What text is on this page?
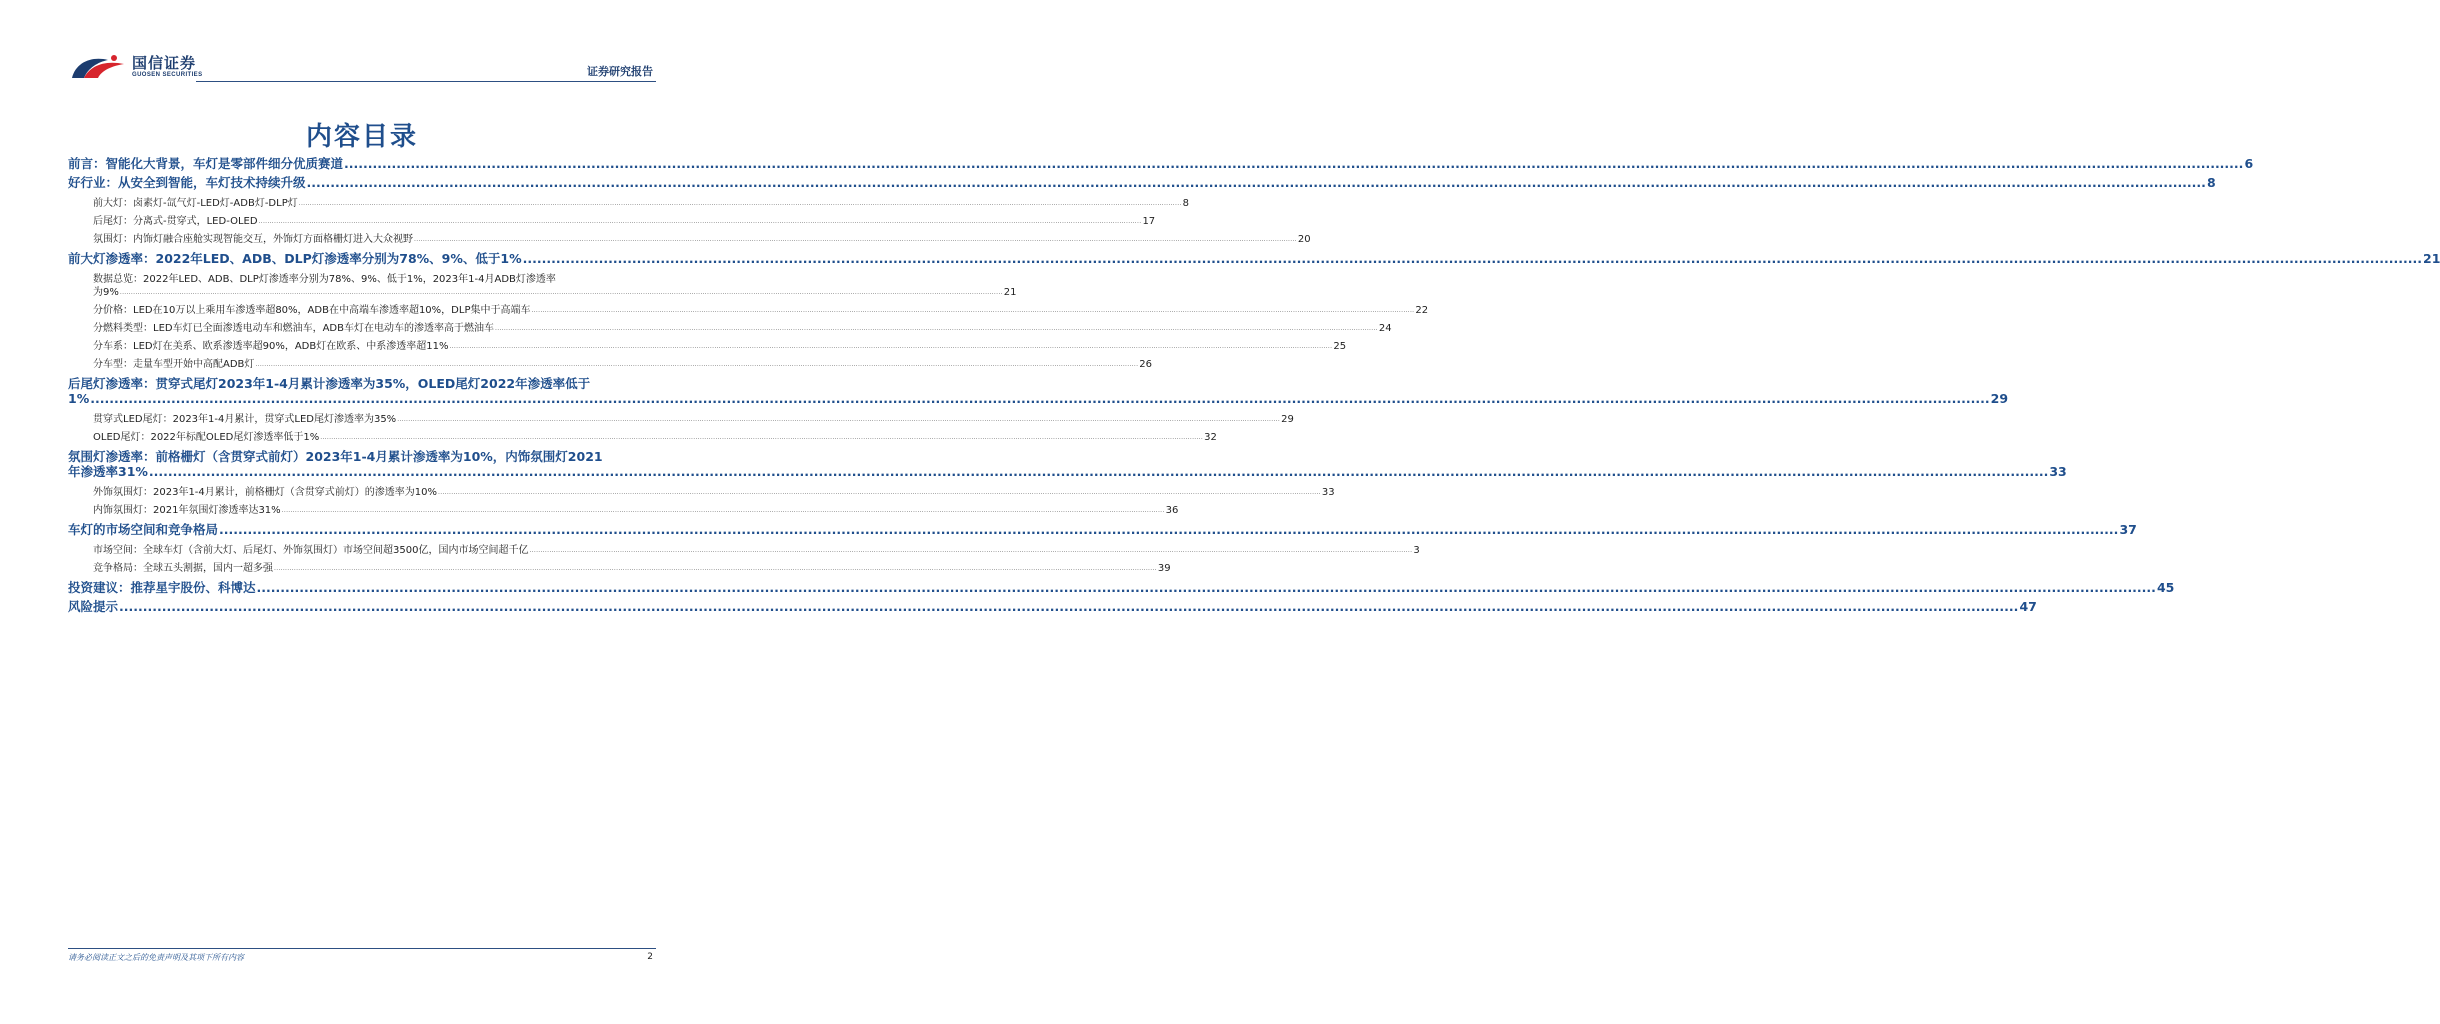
国信证券
GUOSEN SECURITIES	证券研究报告
内容目录
前言：智能化大背景，车灯是零部件细分优质赛道 ................................................................................................................................................................................................................................................................................................................................................................................................................ 6
好行业：从安全到智能，车灯技术持续升级 ................................................................................................................................................................................................................................................................................................................................................................................................................ 8
前大灯：卤素灯-氙气灯-LED灯-ADB灯-DLP灯 ................................................................................................................................................................................................................................................................................................................................................................................................................ 8
后尾灯：分离式-贯穿式，LED-OLED ................................................................................................................................................................................................................................................................................................................................................................................................................ 17
氛围灯：内饰灯融合座舱实现智能交互，外饰灯方面格栅灯进入大众视野 ................................................................................................................................................................................................................................................................................................................................................................................................................ 20
前大灯渗透率：2022年LED、ADB、DLP灯渗透率分别为78%、9%、低于1% ................................................................................................................................................................................................................................................................................................................................................................................................................ 21
数据总览：2022年LED、ADB、DLP灯渗透率分别为78%、9%、低于1%，2023年1-4月ADB灯渗透率
为9% ................................................................................................................................................................................................................................................................................................................................................................................................................ 21
分价格：LED在10万以上乘用车渗透率超80%，ADB在中高端车渗透率超10%，DLP集中于高端车 ................................................................................................................................................................................................................................................................................................................................................................................................................ 22
分燃料类型：LED车灯已全面渗透电动车和燃油车，ADB车灯在电动车的渗透率高于燃油车 ................................................................................................................................................................................................................................................................................................................................................................................................................ 24
分车系：LED灯在美系、欧系渗透率超90%，ADB灯在欧系、中系渗透率超11% ................................................................................................................................................................................................................................................................................................................................................................................................................ 25
分车型：走量车型开始中高配ADB灯 ................................................................................................................................................................................................................................................................................................................................................................................................................ 26
后尾灯渗透率：贯穿式尾灯2023年1-4月累计渗透率为35%，OLED尾灯2022年渗透率低于
1% ................................................................................................................................................................................................................................................................................................................................................................................................................ 29
贯穿式LED尾灯：2023年1-4月累计，贯穿式LED尾灯渗透率为35% ................................................................................................................................................................................................................................................................................................................................................................................................................ 29
OLED尾灯：2022年标配OLED尾灯渗透率低于1% ................................................................................................................................................................................................................................................................................................................................................................................................................ 32
氛围灯渗透率：前格栅灯（含贯穿式前灯）2023年1-4月累计渗透率为10%，内饰氛围灯2021
年渗透率31% ................................................................................................................................................................................................................................................................................................................................................................................................................ 33
外饰氛围灯：2023年1-4月累计，前格栅灯（含贯穿式前灯）的渗透率为10% ................................................................................................................................................................................................................................................................................................................................................................................................................ 33
内饰氛围灯：2021年氛围灯渗透率达31% ................................................................................................................................................................................................................................................................................................................................................................................................................ 36
车灯的市场空间和竞争格局 ................................................................................................................................................................................................................................................................................................................................................................................................................ 37
市场空间：全球车灯（含前大灯、后尾灯、外饰氛围灯）市场空间超3500亿，国内市场空间超千亿 ................................................................................................................................................................................................................................................................................................................................................................................................................ 3
竞争格局：全球五头割据，国内一超多强 ................................................................................................................................................................................................................................................................................................................................................................................................................ 39
投资建议：推荐星宇股份、科博达 ................................................................................................................................................................................................................................................................................................................................................................................................................ 45
风险提示 ................................................................................................................................................................................................................................................................................................................................................................................................................ 47
请务必阅读正文之后的免责声明及其项下所有内容	2
